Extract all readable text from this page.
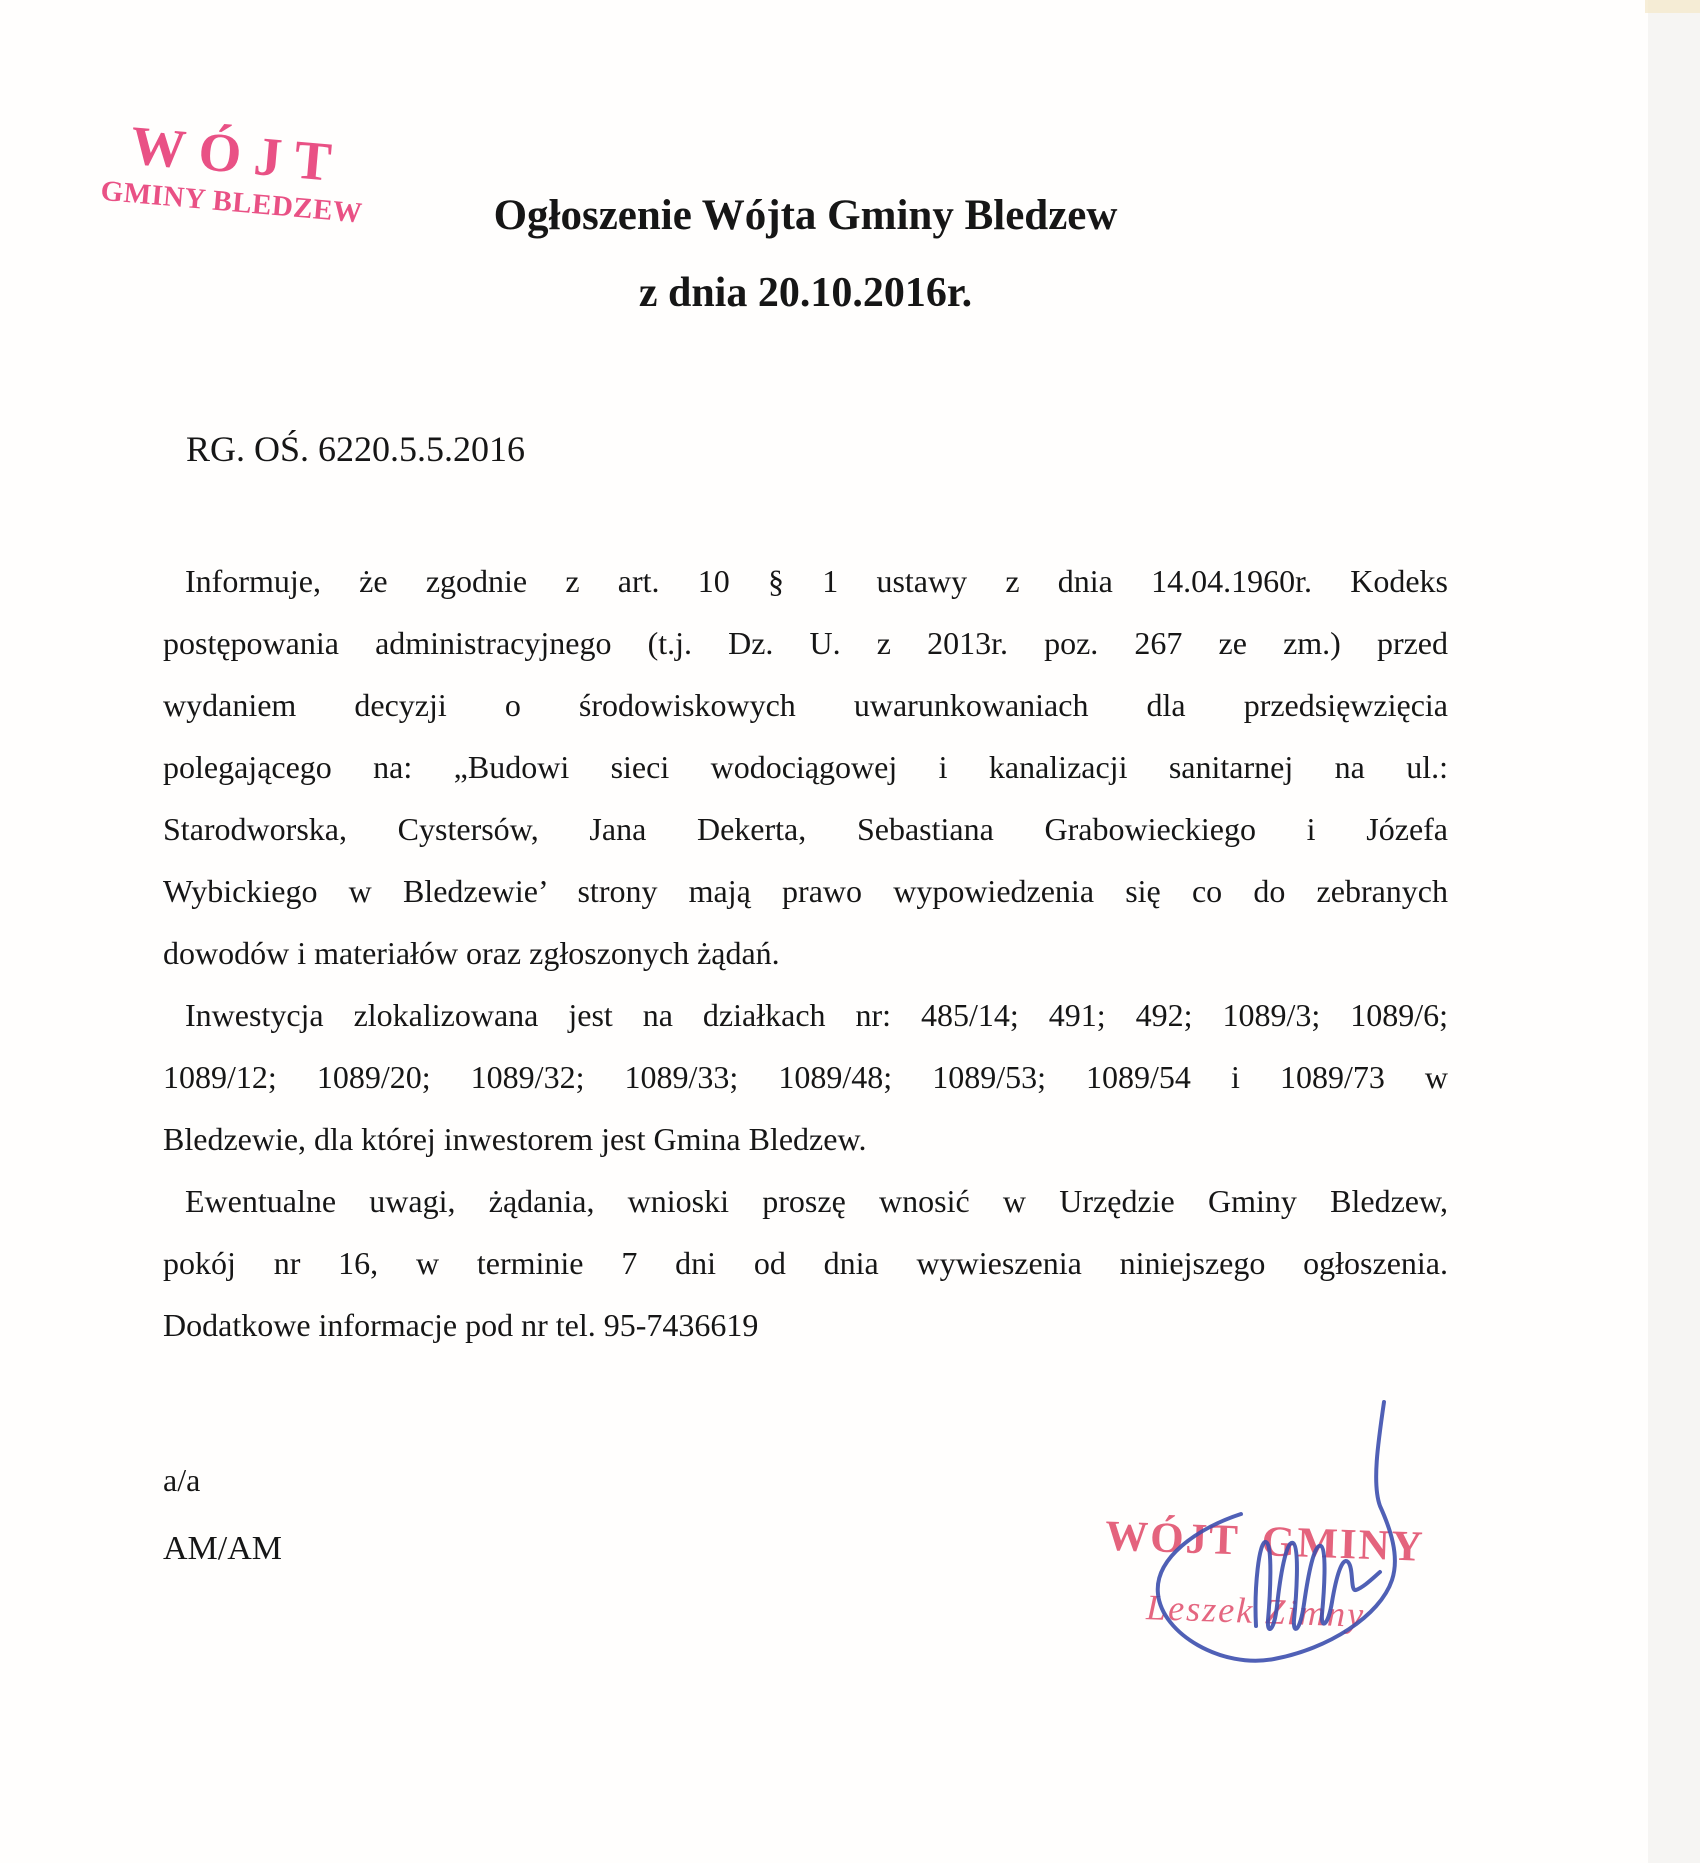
WÓJT
GMINY BLEDZEW	Ogłoszenie Wójta Gminy Bledzew
z dnia 20.10.2016r.
RG. OŚ. 6220.5.5.2016
Informuje, że zgodnie z art. 10 § 1 ustawy z dnia 14.04.1960r. Kodeks
postępowania administracyjnego (t.j. Dz. U. z 2013r. poz. 267 ze zm.) przed
wydaniem decyzji o środowiskowych uwarunkowaniach dla przedsięwzięcia
polegającego na: „Budowi sieci wodociągowej i kanalizacji sanitarnej na ul.:
Starodworska, Cystersów, Jana Dekerta, Sebastiana Grabowieckiego i Józefa
Wybickiego w Bledzewie’ strony mają prawo wypowiedzenia się co do zebranych
dowodów i materiałów oraz zgłoszonych żądań.
Inwestycja zlokalizowana jest na działkach nr: 485/14; 491; 492; 1089/3; 1089/6;
1089/12; 1089/20; 1089/32; 1089/33; 1089/48; 1089/53; 1089/54 i 1089/73 w
Bledzewie, dla której inwestorem jest Gmina Bledzew.
Ewentualne uwagi, żądania, wnioski proszę wnosić w Urzędzie Gminy Bledzew,
pokój nr 16, w terminie 7 dni od dnia wywieszenia niniejszego ogłoszenia.
Dodatkowe informacje pod nr tel. 95-7436619
a/a
AM/AM	WÓJT GMINY
Leszek Zimny
